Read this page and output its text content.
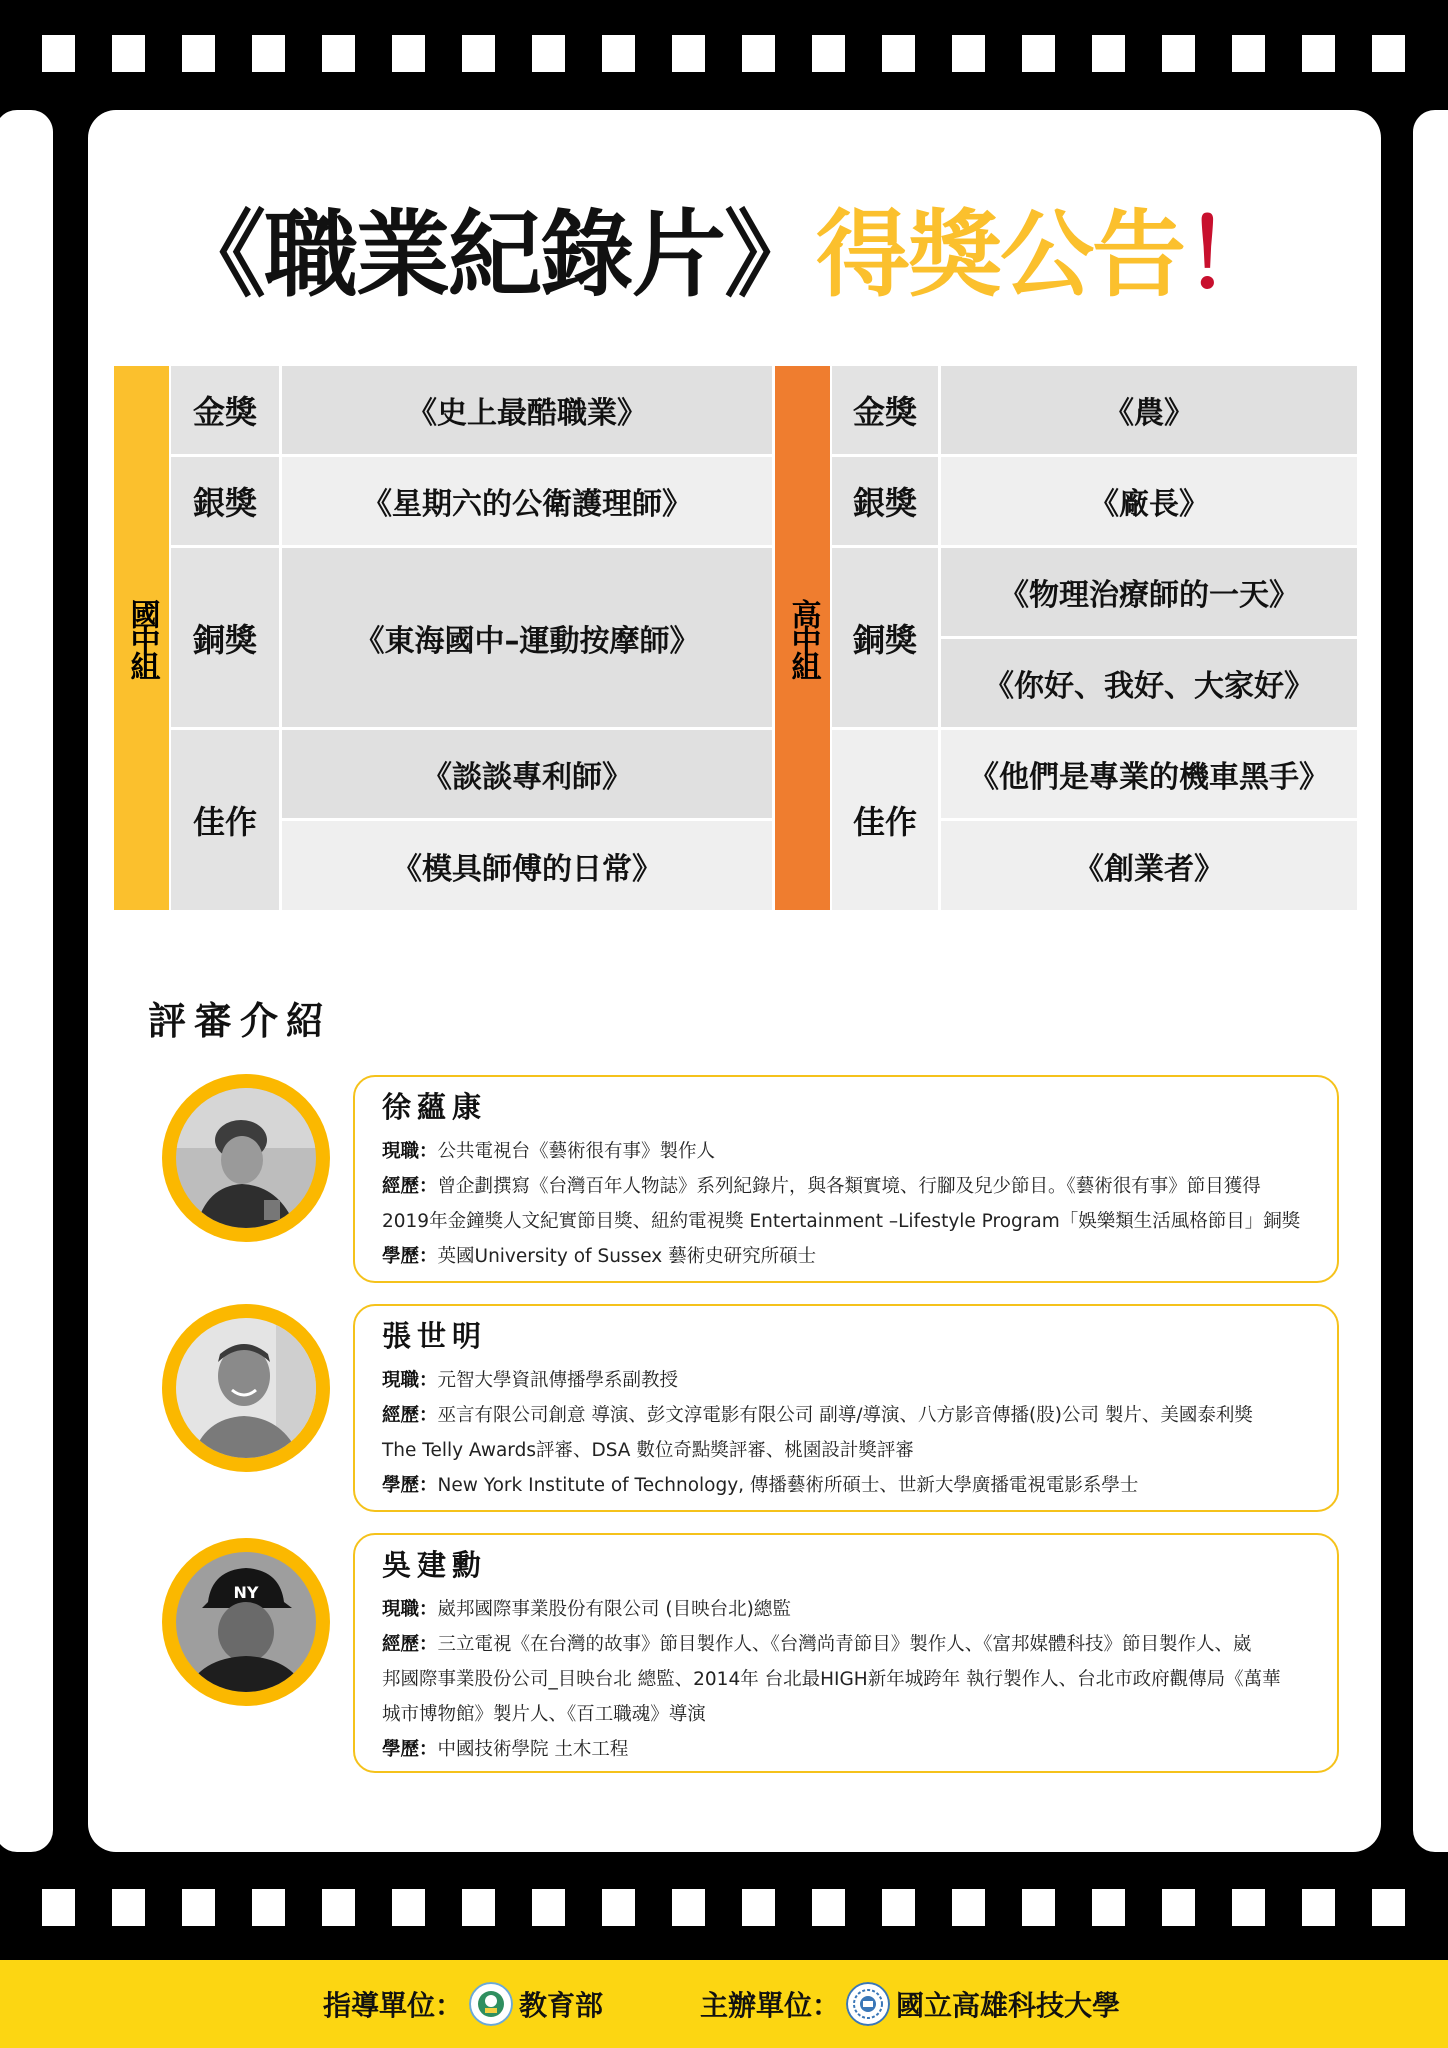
《職業紀錄片》得獎公告！
國中組
金獎
銀獎
銅獎
佳作
《史上最酷職業》
《星期六的公衛護理師》
《東海國中–運動按摩師》
《談談專利師》
《模具師傅的日常》
高中組
金獎
銀獎
銅獎
佳作
《農》
《廠長》
《物理治療師的一天》
《你好、我好、大家好》
《他們是專業的機車黑手》
《創業者》
評審介紹
徐蘊康
現職：公共電視台《藝術很有事》製作人
經歷：曾企劃撰寫《台灣百年人物誌》系列紀錄片，與各類實境、行腳及兒少節目。《藝術很有事》節目獲得
2019年金鐘獎人文紀實節目獎、紐約電視獎 Entertainment –Lifestyle Program「娛樂類生活風格節目」銅獎
學歷：英國University of Sussex 藝術史研究所碩士
張世明
現職：元智大學資訊傳播學系副教授
經歷：巫言有限公司創意 導演、彭文淳電影有限公司 副導/導演、八方影音傳播(股)公司 製片、美國泰利獎
The Telly Awards評審、DSA 數位奇點獎評審、桃園設計獎評審
學歷：New York Institute of Technology, 傳播藝術所碩士、世新大學廣播電視電影系學士
NY
吳建勳
現職：崴邦國際事業股份有限公司 (目映台北)總監
經歷：三立電視《在台灣的故事》節目製作人、《台灣尚青節目》製作人、《富邦媒體科技》節目製作人、崴
邦國際事業股份公司_目映台北 總監、2014年 台北最HIGH新年城跨年 執行製作人、台北市政府觀傳局《萬華
城市博物館》製片人、《百工職魂》導演
學歷：中國技術學院 土木工程
指導單位： 教育部	主辦單位： 國立高雄科技大學
